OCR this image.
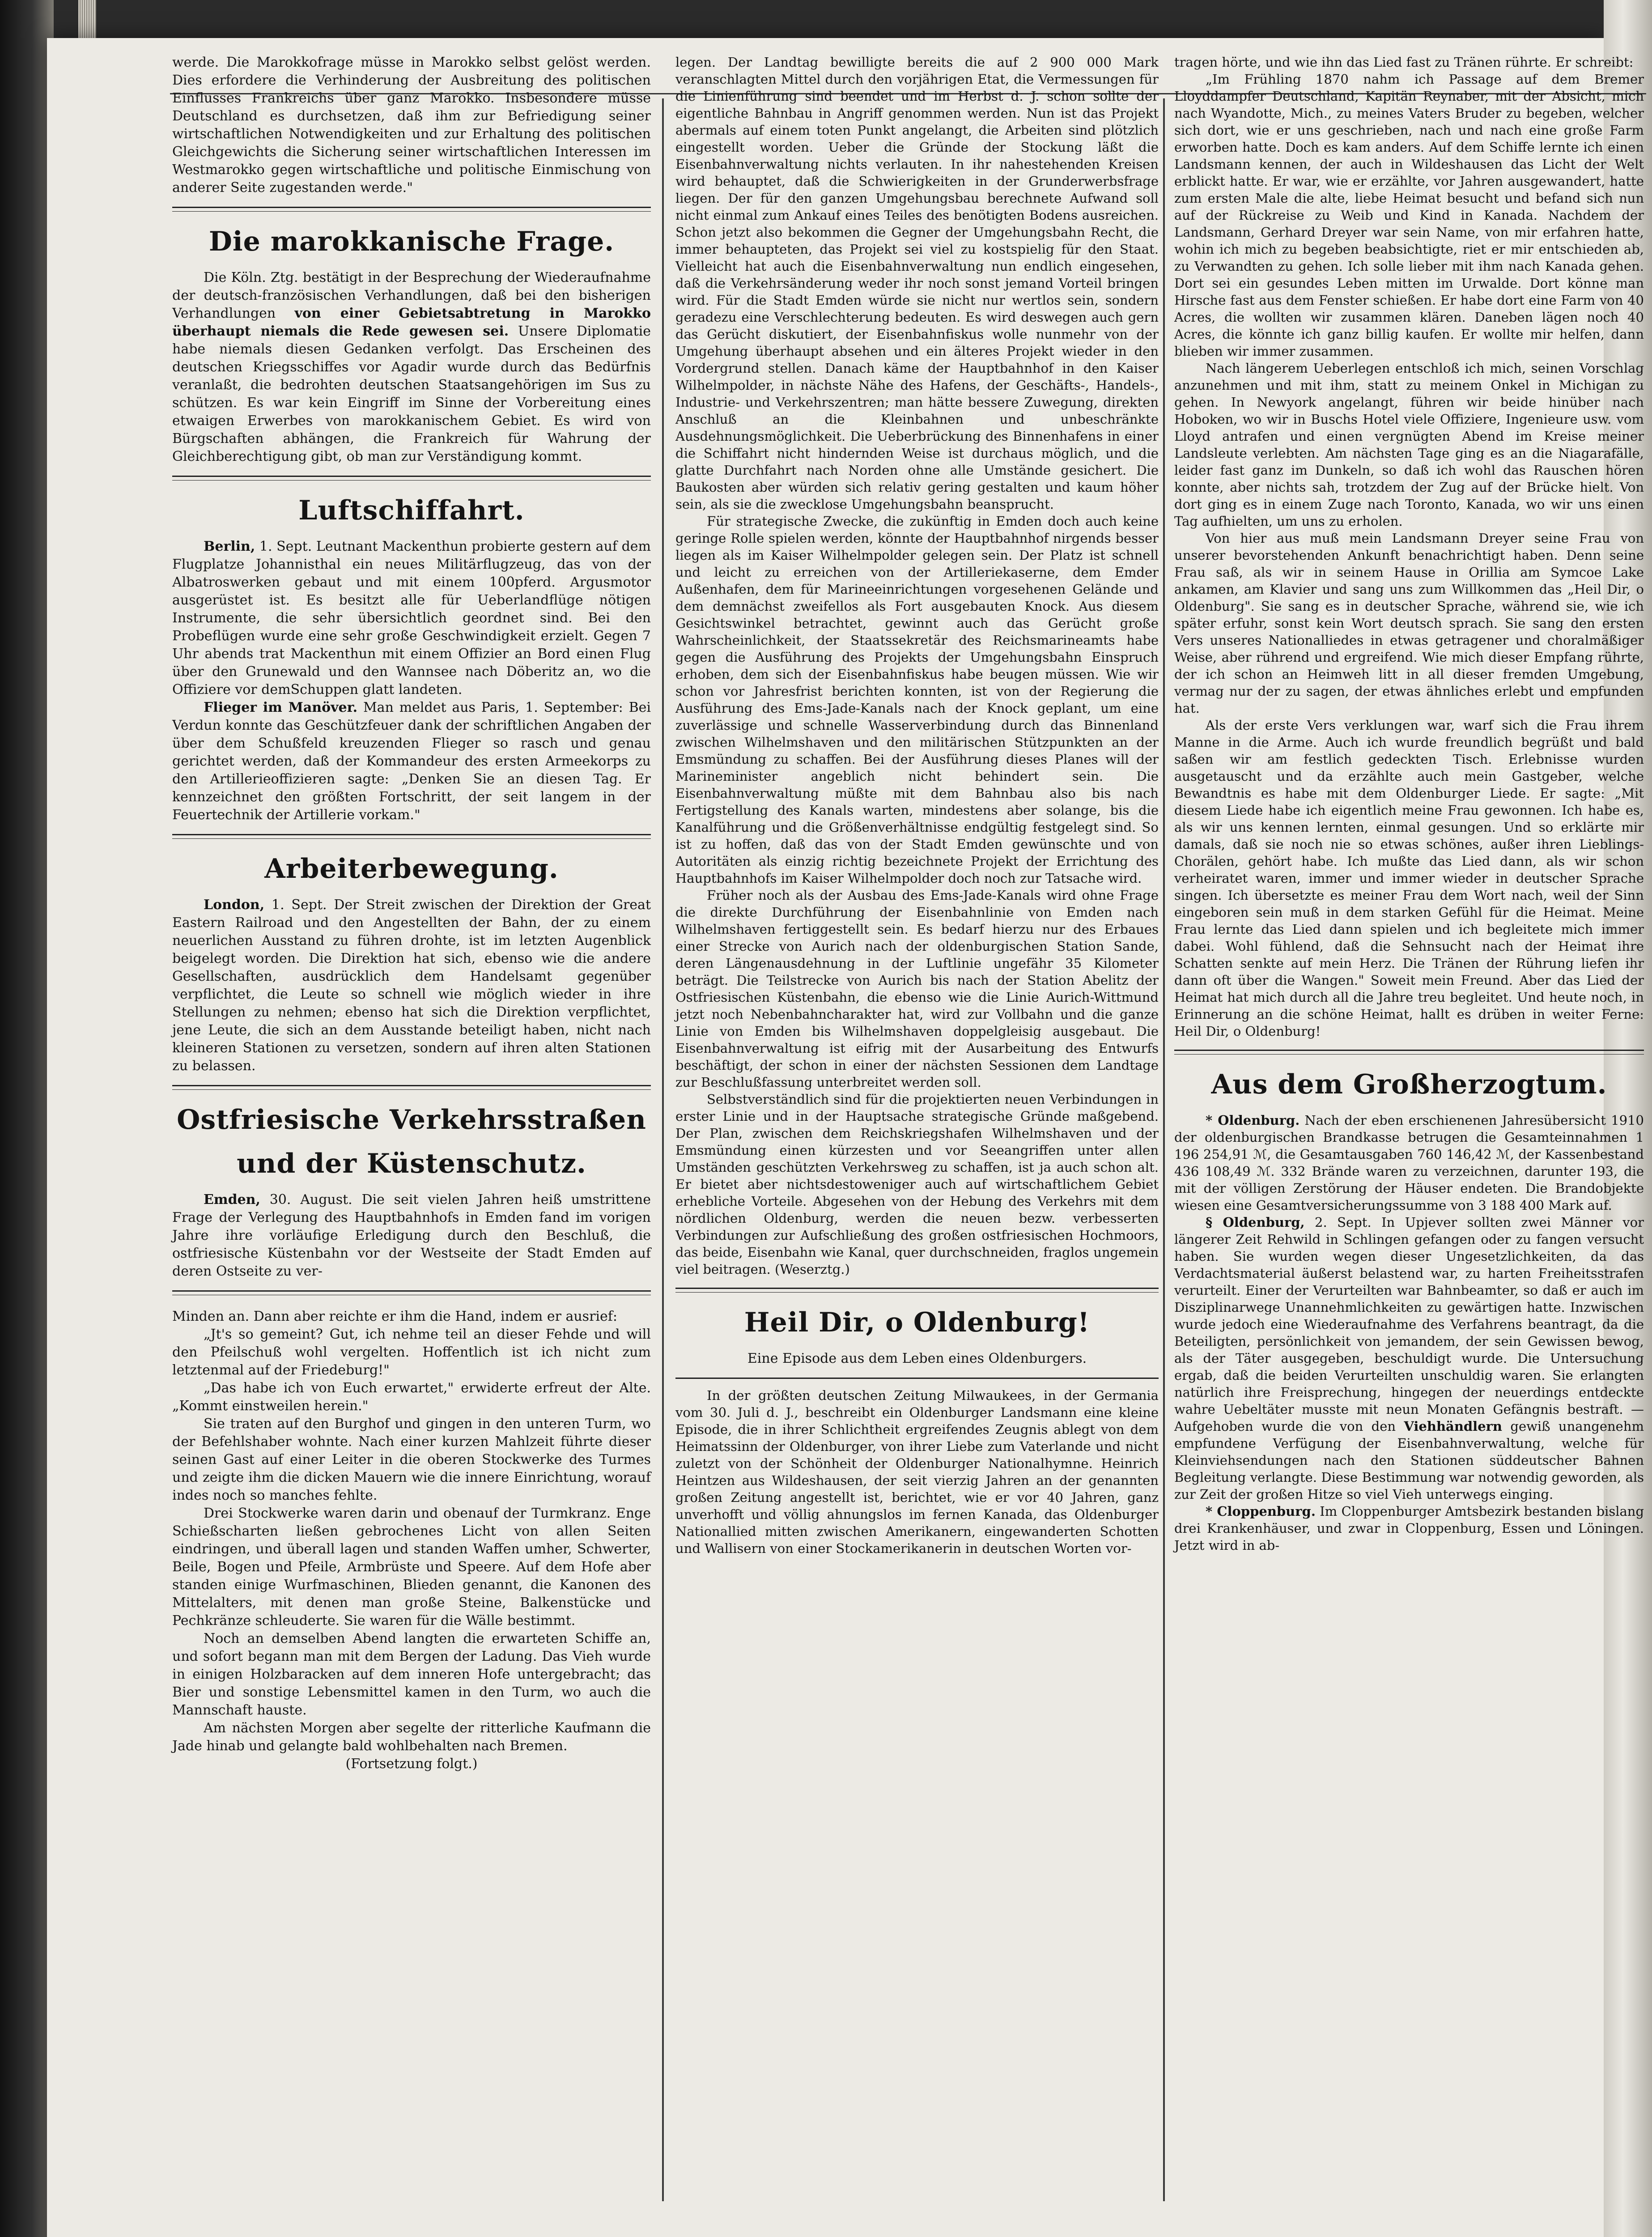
werde. Die Marokkofrage müsse in Marokko selbst gelöst werden. Dies erfordere die Verhinderung der Ausbreitung des politischen Einflusses Frankreichs über ganz Marokko. Insbesondere müsse Deutschland es durchsetzen, daß ihm zur Befriedigung seiner wirtschaftlichen Notwendigkeiten und zur Erhaltung des politischen Gleichgewichts die Sicherung seiner wirtschaftlichen Interessen im Westmarokko gegen wirtschaftliche und politische Einmischung von anderer Seite zugestanden werde."

Die marokkanische Frage.

Die Köln. Ztg. bestätigt in der Besprechung der Wiederaufnahme der deutsch-französischen Verhandlungen, daß bei den bisherigen Verhandlungen von einer Gebietsabtretung in Marokko überhaupt niemals die Rede gewesen sei. Unsere Diplomatie habe niemals diesen Gedanken verfolgt. Das Erscheinen des deutschen Kriegsschiffes vor Agadir wurde durch das Bedürfnis veranlaßt, die bedrohten deutschen Staatsangehörigen im Sus zu schützen. Es war kein Eingriff im Sinne der Vorbereitung eines etwaigen Erwerbes von marokkanischem Gebiet. Es wird von Bürgschaften abhängen, die Frankreich für Wahrung der Gleichberechtigung gibt, ob man zur Verständigung kommt.

Luftschiffahrt.

Berlin, 1. Sept. Leutnant Mackenthun probierte gestern auf dem Flugplatze Johannisthal ein neues Militärflugzeug, das von der Albatroswerken gebaut und mit einem 100pferd. Argusmotor ausgerüstet ist. Es besitzt alle für Ueberlandflüge nötigen Instrumente, die sehr übersichtlich geordnet sind. Bei den Probeflügen wurde eine sehr große Geschwindigkeit erzielt. Gegen 7 Uhr abends trat Mackenthun mit einem Offizier an Bord einen Flug über den Grunewald und den Wannsee nach Döberitz an, wo die Offiziere vor demSchuppen glatt landeten.

Flieger im Manöver. Man meldet aus Paris, 1. September: Bei Verdun konnte das Geschützfeuer dank der schriftlichen Angaben der über dem Schußfeld kreuzenden Flieger so rasch und genau gerichtet werden, daß der Kommandeur des ersten Armeekorps zu den Artillerieoffizieren sagte: „Denken Sie an diesen Tag. Er kennzeichnet den größten Fortschritt, der seit langem in der Feuertechnik der Artillerie vorkam."

Arbeiterbewegung.

London, 1. Sept. Der Streit zwischen der Direktion der Great Eastern Railroad und den Angestellten der Bahn, der zu einem neuerlichen Ausstand zu führen drohte, ist im letzten Augenblick beigelegt worden. Die Direktion hat sich, ebenso wie die andere Gesellschaften, ausdrücklich dem Handelsamt gegenüber verpflichtet, die Leute so schnell wie möglich wieder in ihre Stellungen zu nehmen; ebenso hat sich die Direktion verpflichtet, jene Leute, die sich an dem Ausstande beteiligt haben, nicht nach kleineren Stationen zu versetzen, sondern auf ihren alten Stationen zu belassen.

Ostfriesische Verkehrsstraßen
und der Küstenschutz.

Emden, 30. August. Die seit vielen Jahren heiß umstrittene Frage der Verlegung des Hauptbahnhofs in Emden fand im vorigen Jahre ihre vorläufige Erledigung durch den Beschluß, die ostfriesische Küstenbahn vor der Westseite der Stadt Emden auf deren Ostseite zu ver-

Minden an. Dann aber reichte er ihm die Hand, indem er ausrief:

„Jt's so gemeint? Gut, ich nehme teil an dieser Fehde und will den Pfeilschuß wohl vergelten. Hoffentlich ist ich nicht zum letztenmal auf der Friedeburg!"

„Das habe ich von Euch erwartet," erwiderte erfreut der Alte. „Kommt einstweilen herein."

Sie traten auf den Burghof und gingen in den unteren Turm, wo der Befehlshaber wohnte. Nach einer kurzen Mahlzeit führte dieser seinen Gast auf einer Leiter in die oberen Stockwerke des Turmes und zeigte ihm die dicken Mauern wie die innere Einrichtung, worauf indes noch so manches fehlte.

Drei Stockwerke waren darin und obenauf der Turmkranz. Enge Schießscharten ließen gebrochenes Licht von allen Seiten eindringen, und überall lagen und standen Waffen umher, Schwerter, Beile, Bogen und Pfeile, Armbrüste und Speere. Auf dem Hofe aber standen einige Wurfmaschinen, Blieden genannt, die Kanonen des Mittelalters, mit denen man große Steine, Balkenstücke und Pechkränze schleuderte. Sie waren für die Wälle bestimmt.

Noch an demselben Abend langten die erwarteten Schiffe an, und sofort begann man mit dem Bergen der Ladung. Das Vieh wurde in einigen Holzbaracken auf dem inneren Hofe untergebracht; das Bier und sonstige Lebensmittel kamen in den Turm, wo auch die Mannschaft hauste.

Am nächsten Morgen aber segelte der ritterliche Kaufmann die Jade hinab und gelangte bald wohlbehalten nach Bremen.

(Fortsetzung folgt.)

legen. Der Landtag bewilligte bereits die auf 2 900 000 Mark veranschlagten Mittel durch den vorjährigen Etat, die Vermessungen für die Linienführung sind beendet und im Herbst d. J. schon sollte der eigentliche Bahnbau in Angriff genommen werden. Nun ist das Projekt abermals auf einem toten Punkt angelangt, die Arbeiten sind plötzlich eingestellt worden. Ueber die Gründe der Stockung läßt die Eisenbahnverwaltung nichts verlauten. In ihr nahestehenden Kreisen wird behauptet, daß die Schwierigkeiten in der Grunderwerbsfrage liegen. Der für den ganzen Umgehungsbau berechnete Aufwand soll nicht einmal zum Ankauf eines Teiles des benötigten Bodens ausreichen. Schon jetzt also bekommen die Gegner der Umgehungsbahn Recht, die immer behaupteten, das Projekt sei viel zu kostspielig für den Staat. Vielleicht hat auch die Eisenbahnverwaltung nun endlich eingesehen, daß die Verkehrsänderung weder ihr noch sonst jemand Vorteil bringen wird. Für die Stadt Emden würde sie nicht nur wertlos sein, sondern geradezu eine Verschlechterung bedeuten. Es wird deswegen auch gern das Gerücht diskutiert, der Eisenbahnfiskus wolle nunmehr von der Umgehung überhaupt absehen und ein älteres Projekt wieder in den Vordergrund stellen. Danach käme der Hauptbahnhof in den Kaiser Wilhelmpolder, in nächste Nähe des Hafens, der Geschäfts-, Handels-, Industrie- und Verkehrszentren; man hätte bessere Zuwegung, direkten Anschluß an die Kleinbahnen und unbeschränkte Ausdehnungsmöglichkeit. Die Ueberbrückung des Binnenhafens in einer die Schiffahrt nicht hindernden Weise ist durchaus möglich, und die glatte Durchfahrt nach Norden ohne alle Umstände gesichert. Die Baukosten aber würden sich relativ gering gestalten und kaum höher sein, als sie die zwecklose Umgehungsbahn beansprucht.

Für strategische Zwecke, die zukünftig in Emden doch auch keine geringe Rolle spielen werden, könnte der Hauptbahnhof nirgends besser liegen als im Kaiser Wilhelmpolder gelegen sein. Der Platz ist schnell und leicht zu erreichen von der Artilleriekaserne, dem Emder Außenhafen, dem für Marineeinrichtungen vorgesehenen Gelände und dem demnächst zweifellos als Fort ausgebauten Knock. Aus diesem Gesichtswinkel betrachtet, gewinnt auch das Gerücht große Wahrscheinlichkeit, der Staatssekretär des Reichsmarineamts habe gegen die Ausführung des Projekts der Umgehungsbahn Einspruch erhoben, dem sich der Eisenbahnfiskus habe beugen müssen. Wie wir schon vor Jahresfrist berichten konnten, ist von der Regierung die Ausführung des Ems-Jade-Kanals nach der Knock geplant, um eine zuverlässige und schnelle Wasserverbindung durch das Binnenland zwischen Wilhelmshaven und den militärischen Stützpunkten an der Emsmündung zu schaffen. Bei der Ausführung dieses Planes will der Marineminister angeblich nicht behindert sein. Die Eisenbahnverwaltung müßte mit dem Bahnbau also bis nach Fertigstellung des Kanals warten, mindestens aber solange, bis die Kanalführung und die Größenverhältnisse endgültig festgelegt sind. So ist zu hoffen, daß das von der Stadt Emden gewünschte und von Autoritäten als einzig richtig bezeichnete Projekt der Errichtung des Hauptbahnhofs im Kaiser Wilhelmpolder doch noch zur Tatsache wird.

Früher noch als der Ausbau des Ems-Jade-Kanals wird ohne Frage die direkte Durchführung der Eisenbahnlinie von Emden nach Wilhelmshaven fertiggestellt sein. Es bedarf hierzu nur des Erbaues einer Strecke von Aurich nach der oldenburgischen Station Sande, deren Längenausdehnung in der Luftlinie ungefähr 35 Kilometer beträgt. Die Teilstrecke von Aurich bis nach der Station Abelitz der Ostfriesischen Küstenbahn, die ebenso wie die Linie Aurich-Wittmund jetzt noch Nebenbahncharakter hat, wird zur Vollbahn und die ganze Linie von Emden bis Wilhelmshaven doppelgleisig ausgebaut. Die Eisenbahnverwaltung ist eifrig mit der Ausarbeitung des Entwurfs beschäftigt, der schon in einer der nächsten Sessionen dem Landtage zur Beschlußfassung unterbreitet werden soll.

Selbstverständlich sind für die projektierten neuen Verbindungen in erster Linie und in der Hauptsache strategische Gründe maßgebend. Der Plan, zwischen dem Reichskriegshafen Wilhelmshaven und der Emsmündung einen kürzesten und vor Seeangriffen unter allen Umständen geschützten Verkehrsweg zu schaffen, ist ja auch schon alt. Er bietet aber nichtsdestoweniger auch auf wirtschaftlichem Gebiet erhebliche Vorteile. Abgesehen von der Hebung des Verkehrs mit dem nördlichen Oldenburg, werden die neuen bezw. verbesserten Verbindungen zur Aufschließung des großen ostfriesischen Hochmoors, das beide, Eisenbahn wie Kanal, quer durchschneiden, fraglos ungemein viel beitragen. (Weserztg.)

Heil Dir, o Oldenburg!
Eine Episode aus dem Leben eines Oldenburgers.

In der größten deutschen Zeitung Milwaukees, in der Germania vom 30. Juli d. J., beschreibt ein Oldenburger Landsmann eine kleine Episode, die in ihrer Schlichtheit ergreifendes Zeugnis ablegt von dem Heimatssinn der Oldenburger, von ihrer Liebe zum Vaterlande und nicht zuletzt von der Schönheit der Oldenburger Nationalhymne. Heinrich Heintzen aus Wildeshausen, der seit vierzig Jahren an der genannten großen Zeitung angestellt ist, berichtet, wie er vor 40 Jahren, ganz unverhofft und völlig ahnungslos im fernen Kanada, das Oldenburger Nationallied mitten zwischen Amerikanern, eingewanderten Schotten und Wallisern von einer Stockamerikanerin in deutschen Worten vor-

tragen hörte, und wie ihn das Lied fast zu Tränen rührte. Er schreibt:

„Im Frühling 1870 nahm ich Passage auf dem Bremer Lloyddampfer Deutschland, Kapitän Reynaber, mit der Absicht, mich nach Wyandotte, Mich., zu meines Vaters Bruder zu begeben, welcher sich dort, wie er uns geschrieben, nach und nach eine große Farm erworben hatte. Doch es kam anders. Auf dem Schiffe lernte ich einen Landsmann kennen, der auch in Wildeshausen das Licht der Welt erblickt hatte. Er war, wie er erzählte, vor Jahren ausgewandert, hatte zum ersten Male die alte, liebe Heimat besucht und befand sich nun auf der Rückreise zu Weib und Kind in Kanada. Nachdem der Landsmann, Gerhard Dreyer war sein Name, von mir erfahren hatte, wohin ich mich zu begeben beabsichtigte, riet er mir entschieden ab, zu Verwandten zu gehen. Ich solle lieber mit ihm nach Kanada gehen. Dort sei ein gesundes Leben mitten im Urwalde. Dort könne man Hirsche fast aus dem Fenster schießen. Er habe dort eine Farm von 40 Acres, die wollten wir zusammen klären. Daneben lägen noch 40 Acres, die könnte ich ganz billig kaufen. Er wollte mir helfen, dann blieben wir immer zusammen.

Nach längerem Ueberlegen entschloß ich mich, seinen Vorschlag anzunehmen und mit ihm, statt zu meinem Onkel in Michigan zu gehen. In Newyork angelangt, führen wir beide hinüber nach Hoboken, wo wir in Buschs Hotel viele Offiziere, Ingenieure usw. vom Lloyd antrafen und einen vergnügten Abend im Kreise meiner Landsleute verlebten. Am nächsten Tage ging es an die Niagarafälle, leider fast ganz im Dunkeln, so daß ich wohl das Rauschen hören konnte, aber nichts sah, trotzdem der Zug auf der Brücke hielt. Von dort ging es in einem Zuge nach Toronto, Kanada, wo wir uns einen Tag aufhielten, um uns zu erholen.

Von hier aus muß mein Landsmann Dreyer seine Frau von unserer bevorstehenden Ankunft benachrichtigt haben. Denn seine Frau saß, als wir in seinem Hause in Orillia am Symcoe Lake ankamen, am Klavier und sang uns zum Willkommen das „Heil Dir, o Oldenburg". Sie sang es in deutscher Sprache, während sie, wie ich später erfuhr, sonst kein Wort deutsch sprach. Sie sang den ersten Vers unseres Nationalliedes in etwas getragener und choralmäßiger Weise, aber rührend und ergreifend. Wie mich dieser Empfang rührte, der ich schon an Heimweh litt in all dieser fremden Umgebung, vermag nur der zu sagen, der etwas ähnliches erlebt und empfunden hat.

Als der erste Vers verklungen war, warf sich die Frau ihrem Manne in die Arme. Auch ich wurde freundlich begrüßt und bald saßen wir am festlich gedeckten Tisch. Erlebnisse wurden ausgetauscht und da erzählte auch mein Gastgeber, welche Bewandtnis es habe mit dem Oldenburger Liede. Er sagte: „Mit diesem Liede habe ich eigentlich meine Frau gewonnen. Ich habe es, als wir uns kennen lernten, einmal gesungen. Und so erklärte mir damals, daß sie noch nie so etwas schönes, außer ihren Lieblings-Chorälen, gehört habe. Ich mußte das Lied dann, als wir schon verheiratet waren, immer und immer wieder in deutscher Sprache singen. Ich übersetzte es meiner Frau dem Wort nach, weil der Sinn eingeboren sein muß in dem starken Gefühl für die Heimat. Meine Frau lernte das Lied dann spielen und ich begleitete mich immer dabei. Wohl fühlend, daß die Sehnsucht nach der Heimat ihre Schatten senkte auf mein Herz. Die Tränen der Rührung liefen ihr dann oft über die Wangen." Soweit mein Freund. Aber das Lied der Heimat hat mich durch all die Jahre treu begleitet. Und heute noch, in Erinnerung an die schöne Heimat, hallt es drüben in weiter Ferne: Heil Dir, o Oldenburg!

Aus dem Großherzogtum.

* Oldenburg. Nach der eben erschienenen Jahresübersicht 1910 der oldenburgischen Brandkasse betrugen die Gesamteinnahmen 1 196 254,91 ℳ, die Gesamtausgaben 760 146,42 ℳ, der Kassenbestand 436 108,49 ℳ. 332 Brände waren zu verzeichnen, darunter 193, die mit der völligen Zerstörung der Häuser endeten. Die Brandobjekte wiesen eine Gesamtversicherungssumme von 3 188 400 Mark auf.

§ Oldenburg, 2. Sept. In Upjever sollten zwei Männer vor längerer Zeit Rehwild in Schlingen gefangen oder zu fangen versucht haben. Sie wurden wegen dieser Ungesetzlichkeiten, da das Verdachtsmaterial äußerst belastend war, zu harten Freiheitsstrafen verurteilt. Einer der Verurteilten war Bahnbeamter, so daß er auch im Disziplinarwege Unannehmlichkeiten zu gewärtigen hatte. Inzwischen wurde jedoch eine Wiederaufnahme des Verfahrens beantragt, da die Beteiligten, persönlichkeit von jemandem, der sein Gewissen bewog, als der Täter ausgegeben, beschuldigt wurde. Die Untersuchung ergab, daß die beiden Verurteilten unschuldig waren. Sie erlangten natürlich ihre Freisprechung, hingegen der neuerdings entdeckte wahre Uebeltäter musste mit neun Monaten Gefängnis bestraft. — Aufgehoben wurde die von den Viehhändlern gewiß unangenehm empfundene Verfügung der Eisenbahnverwaltung, welche für Kleinviehsendungen nach den Stationen süddeutscher Bahnen Begleitung verlangte. Diese Bestimmung war notwendig geworden, als zur Zeit der großen Hitze so viel Vieh unterwegs einging.

* Cloppenburg. Im Cloppenburger Amtsbezirk bestanden bislang drei Krankenhäuser, und zwar in Cloppenburg, Essen und Löningen. Jetzt wird in ab-
